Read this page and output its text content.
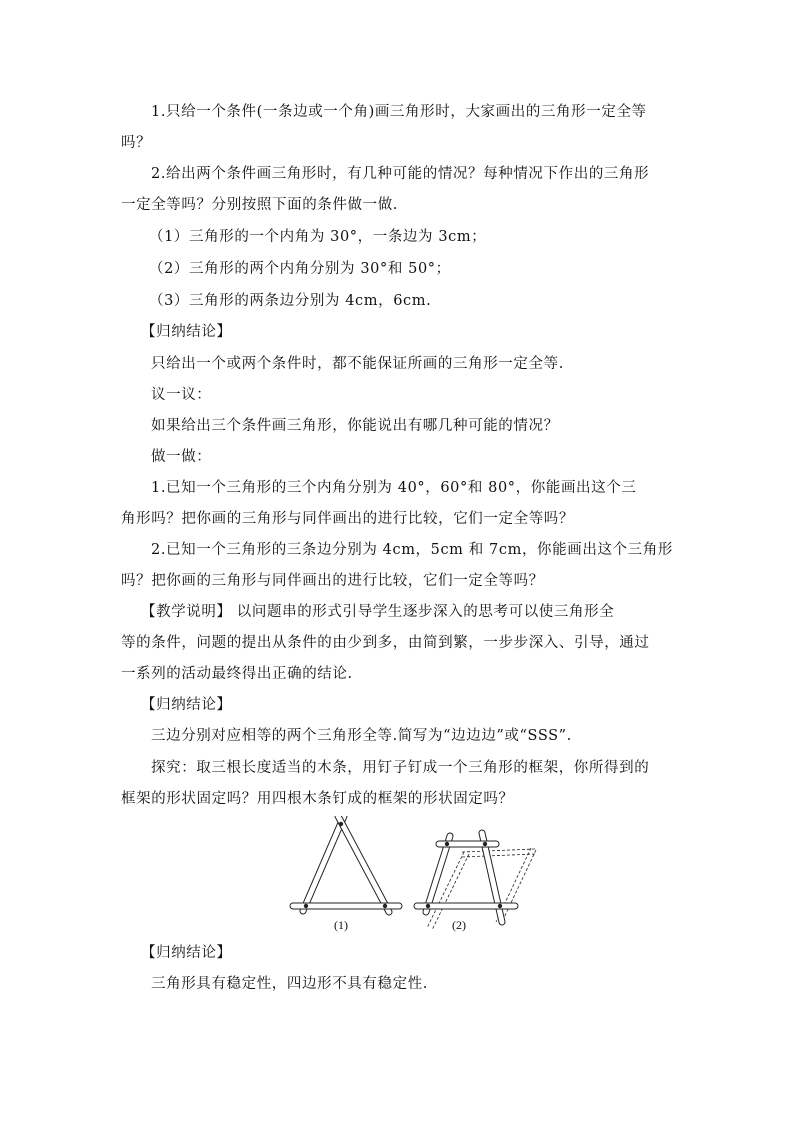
1.只给一个条件(一条边或一个角)画三角形时，大家画出的三角形一定全等
吗？
2.给出两个条件画三角形时，有几种可能的情况？每种情况下作出的三角形
一定全等吗？分别按照下面的条件做一做.
（1）三角形的一个内角为 30°，一条边为 3cm；
（2）三角形的两个内角分别为 30°和 50°；
（3）三角形的两条边分别为 4cm，6cm.
【归纳结论】
只给出一个或两个条件时，都不能保证所画的三角形一定全等.
议一议：
如果给出三个条件画三角形，你能说出有哪几种可能的情况？
做一做：
1.已知一个三角形的三个内角分别为 40°，60°和 80°，你能画出这个三
角形吗？把你画的三角形与同伴画出的进行比较，它们一定全等吗？
2.已知一个三角形的三条边分别为 4cm，5cm 和 7cm，你能画出这个三角形
吗？把你画的三角形与同伴画出的进行比较，它们一定全等吗？
【教学说明】 以问题串的形式引导学生逐步深入的思考可以使三角形全
等的条件，问题的提出从条件的由少到多，由简到繁，一步步深入、引导，通过
一系列的活动最终得出正确的结论.
【归纳结论】
三边分别对应相等的两个三角形全等.简写为“边边边”或“SSS”.
探究：取三根长度适当的木条，用钉子钉成一个三角形的框架，你所得到的
框架的形状固定吗？用四根木条钉成的框架的形状固定吗？
(1)	(2)
【归纳结论】
三角形具有稳定性，四边形不具有稳定性.
